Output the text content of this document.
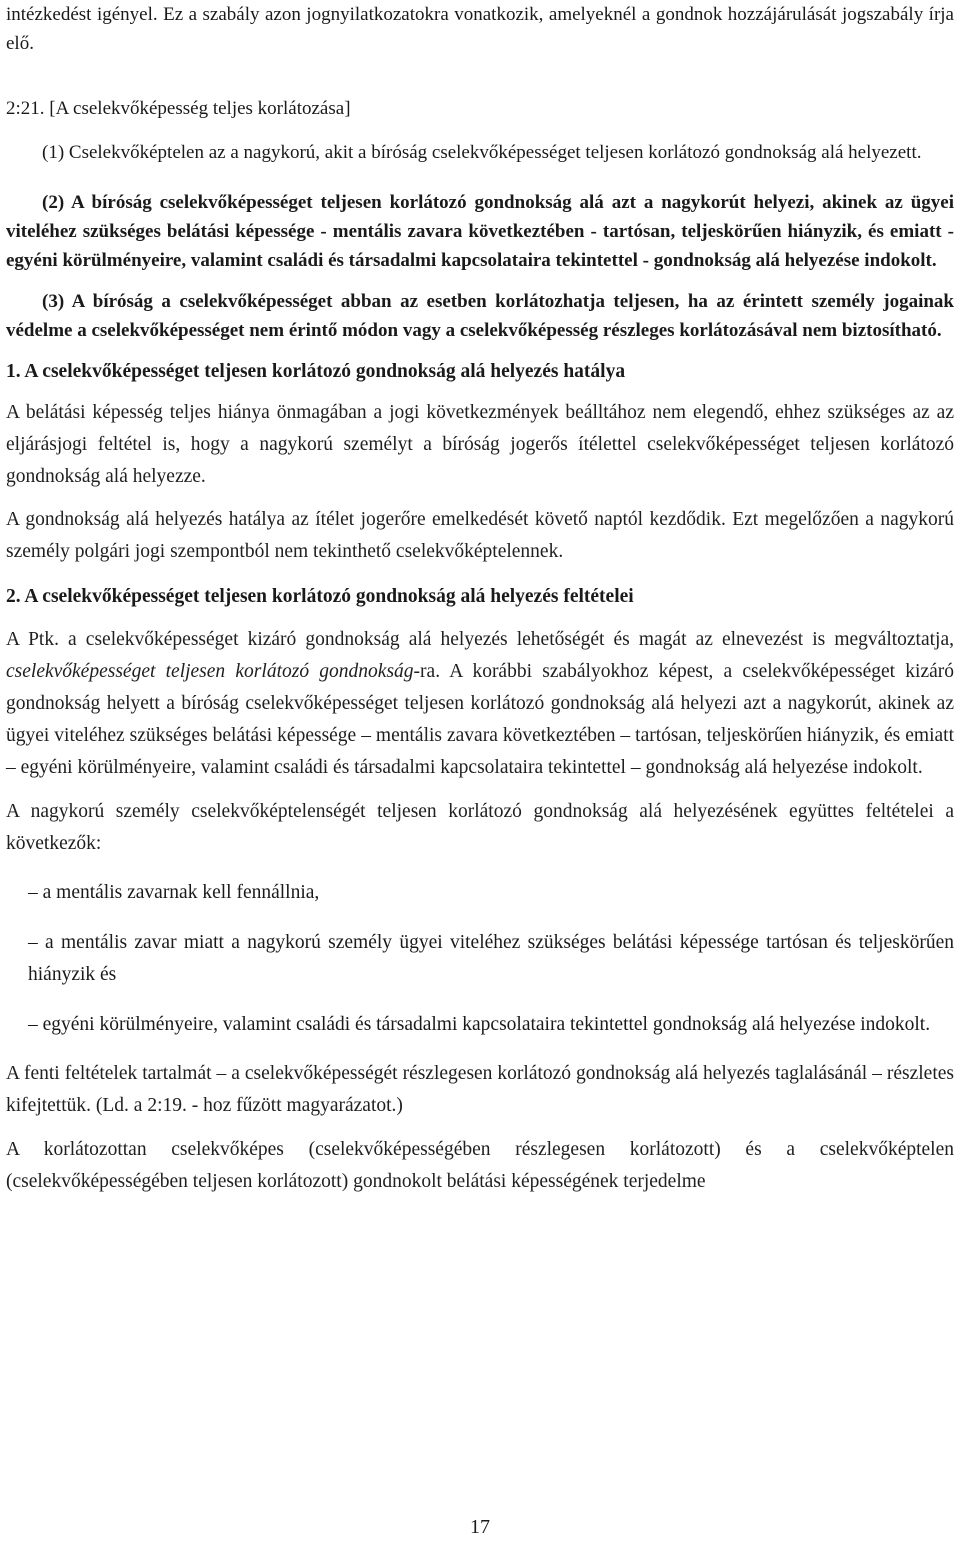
intézkedést igényel. Ez a szabály azon jognyilatkozatokra vonatkozik, amelyeknél a gondnok hozzájárulását jogszabály írja elő.

2:21. [A cselekvőképesség teljes korlátozása]

(1) Cselekvőképtelen az a nagykorú, akit a bíróság cselekvőképességet teljesen korlátozó gondnokság alá helyezett.

(2) A bíróság cselekvőképességet teljesen korlátozó gondnokság alá azt a nagykorút helyezi, akinek az ügyei viteléhez szükséges belátási képessége - mentális zavara következtében - tartósan, teljeskörűen hiányzik, és emiatt - egyéni körülményeire, valamint családi és társadalmi kapcsolataira tekintettel - gondnokság alá helyezése indokolt.

(3) A bíróság a cselekvőképességet abban az esetben korlátozhatja teljesen, ha az érintett személy jogainak védelme a cselekvőképességet nem érintő módon vagy a cselekvőképesség részleges korlátozásával nem biztosítható.

1. A cselekvőképességet teljesen korlátozó gondnokság alá helyezés hatálya

A belátási képesség teljes hiánya önmagában a jogi következmények beálltához nem elegendő, ehhez szükséges az az eljárásjogi feltétel is, hogy a nagykorú személyt a bíróság jogerős ítélettel cselekvőképességet teljesen korlátozó gondnokság alá helyezze.

A gondnokság alá helyezés hatálya az ítélet jogerőre emelkedését követő naptól kezdődik. Ezt megelőzően a nagykorú személy polgári jogi szempontból nem tekinthető cselekvőképtelennek.

2. A cselekvőképességet teljesen korlátozó gondnokság alá helyezés feltételei

A Ptk. a cselekvőképességet kizáró gondnokság alá helyezés lehetőségét és magát az elnevezést is megváltoztatja, cselekvőképességet teljesen korlátozó gondnokság-ra. A korábbi szabályokhoz képest, a cselekvőképességet kizáró gondnokság helyett a bíróság cselekvőképességet teljesen korlátozó gondnokság alá helyezi azt a nagykorút, akinek az ügyei viteléhez szükséges belátási képessége – mentális zavara következtében – tartósan, teljeskörűen hiányzik, és emiatt – egyéni körülményeire, valamint családi és társadalmi kapcsolataira tekintettel – gondnokság alá helyezése indokolt.

A nagykorú személy cselekvőképtelenségét teljesen korlátozó gondnokság alá helyezésének együttes feltételei a következők:

– a mentális zavarnak kell fennállnia,

– a mentális zavar miatt a nagykorú személy ügyei viteléhez szükséges belátási képessége tartósan és teljeskörűen hiányzik és

– egyéni körülményeire, valamint családi és társadalmi kapcsolataira tekintettel gondnokság alá helyezése indokolt.

A fenti feltételek tartalmát – a cselekvőképességét részlegesen korlátozó gondnokság alá helyezés taglalásánál – részletes kifejtettük. (Ld. a 2:19. - hoz fűzött magyarázatot.)

A korlátozottan cselekvőképes (cselekvőképességében részlegesen korlátozott) és a cselekvőképtelen (cselekvőképességében teljesen korlátozott) gondnokolt belátási képességének terjedelme

17
